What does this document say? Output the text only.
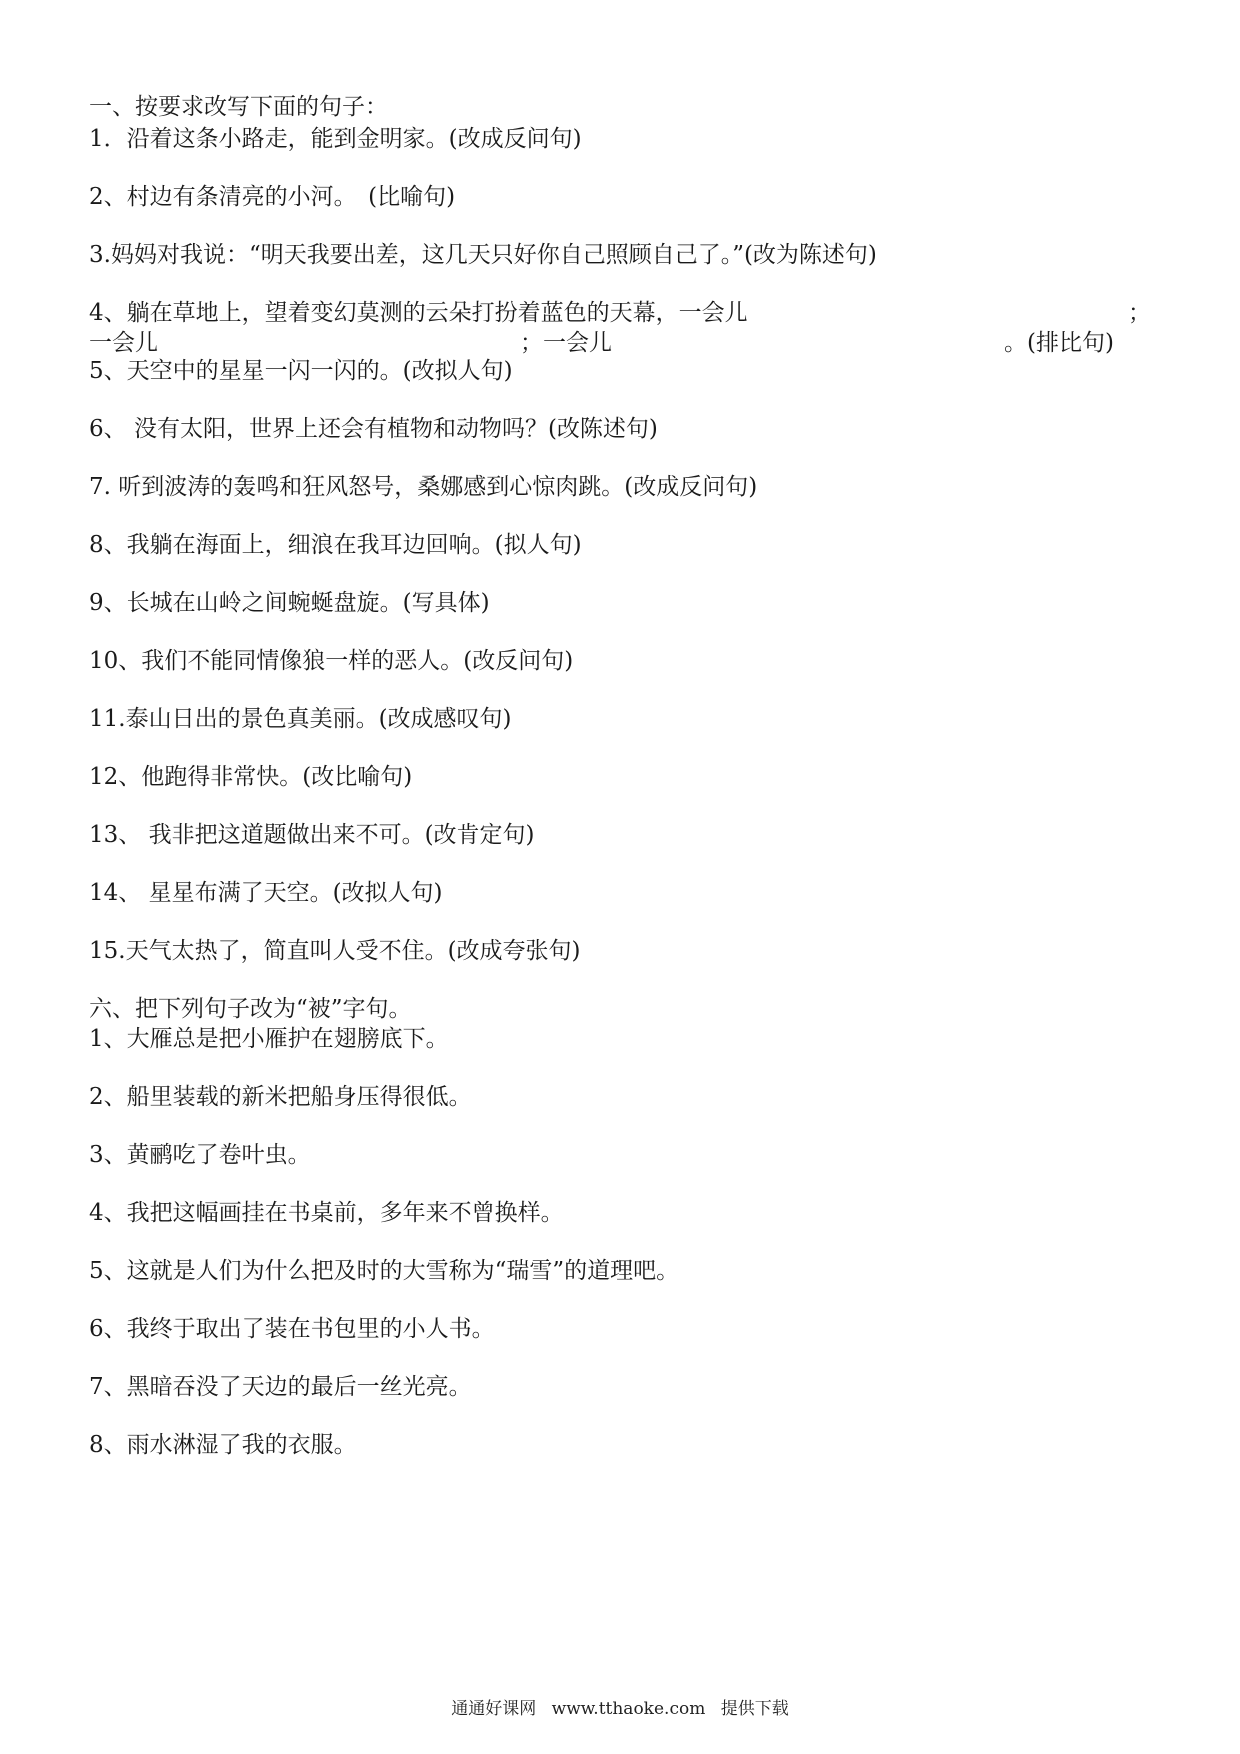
一、按要求改写下面的句子：
1．沿着这条小路走，能到金明家。(改成反问句)
2、村边有条清亮的小河。　(比喻句)
3.妈妈对我说：“明天我要出差，这几天只好你自己照顾自己了。”(改为陈述句)
4、躺在草地上，望着变幻莫测的云朵打扮着蓝色的天幕，一会儿	；
一会儿	；一会儿	。(排比句)
5、天空中的星星一闪一闪的。(改拟人句)
6、 没有太阳，世界上还会有植物和动物吗？(改陈述句)
7. 听到波涛的轰鸣和狂风怒号，桑娜感到心惊肉跳。(改成反问句)
8、我躺在海面上，细浪在我耳边回响。(拟人句)
9、长城在山岭之间蜿蜒盘旋。(写具体)
10、我们不能同情像狼一样的恶人。(改反问句)
11.泰山日出的景色真美丽。(改成感叹句)
12、他跑得非常快。(改比喻句)
13、 我非把这道题做出来不可。(改肯定句)
14、 星星布满了天空。(改拟人句)
15.天气太热了，简直叫人受不住。(改成夸张句)
六、把下列句子改为“被”字句。
1、大雁总是把小雁护在翅膀底下。
2、船里装载的新米把船身压得很低。
3、黄鹂吃了卷叶虫。
4、我把这幅画挂在书桌前，多年来不曾换样。
5、这就是人们为什么把及时的大雪称为“瑞雪”的道理吧。
6、我终于取出了装在书包里的小人书。
7、黑暗吞没了天边的最后一丝光亮。
8、雨水淋湿了我的衣服。
通通好课网 www.tthaoke.com 提供下载
